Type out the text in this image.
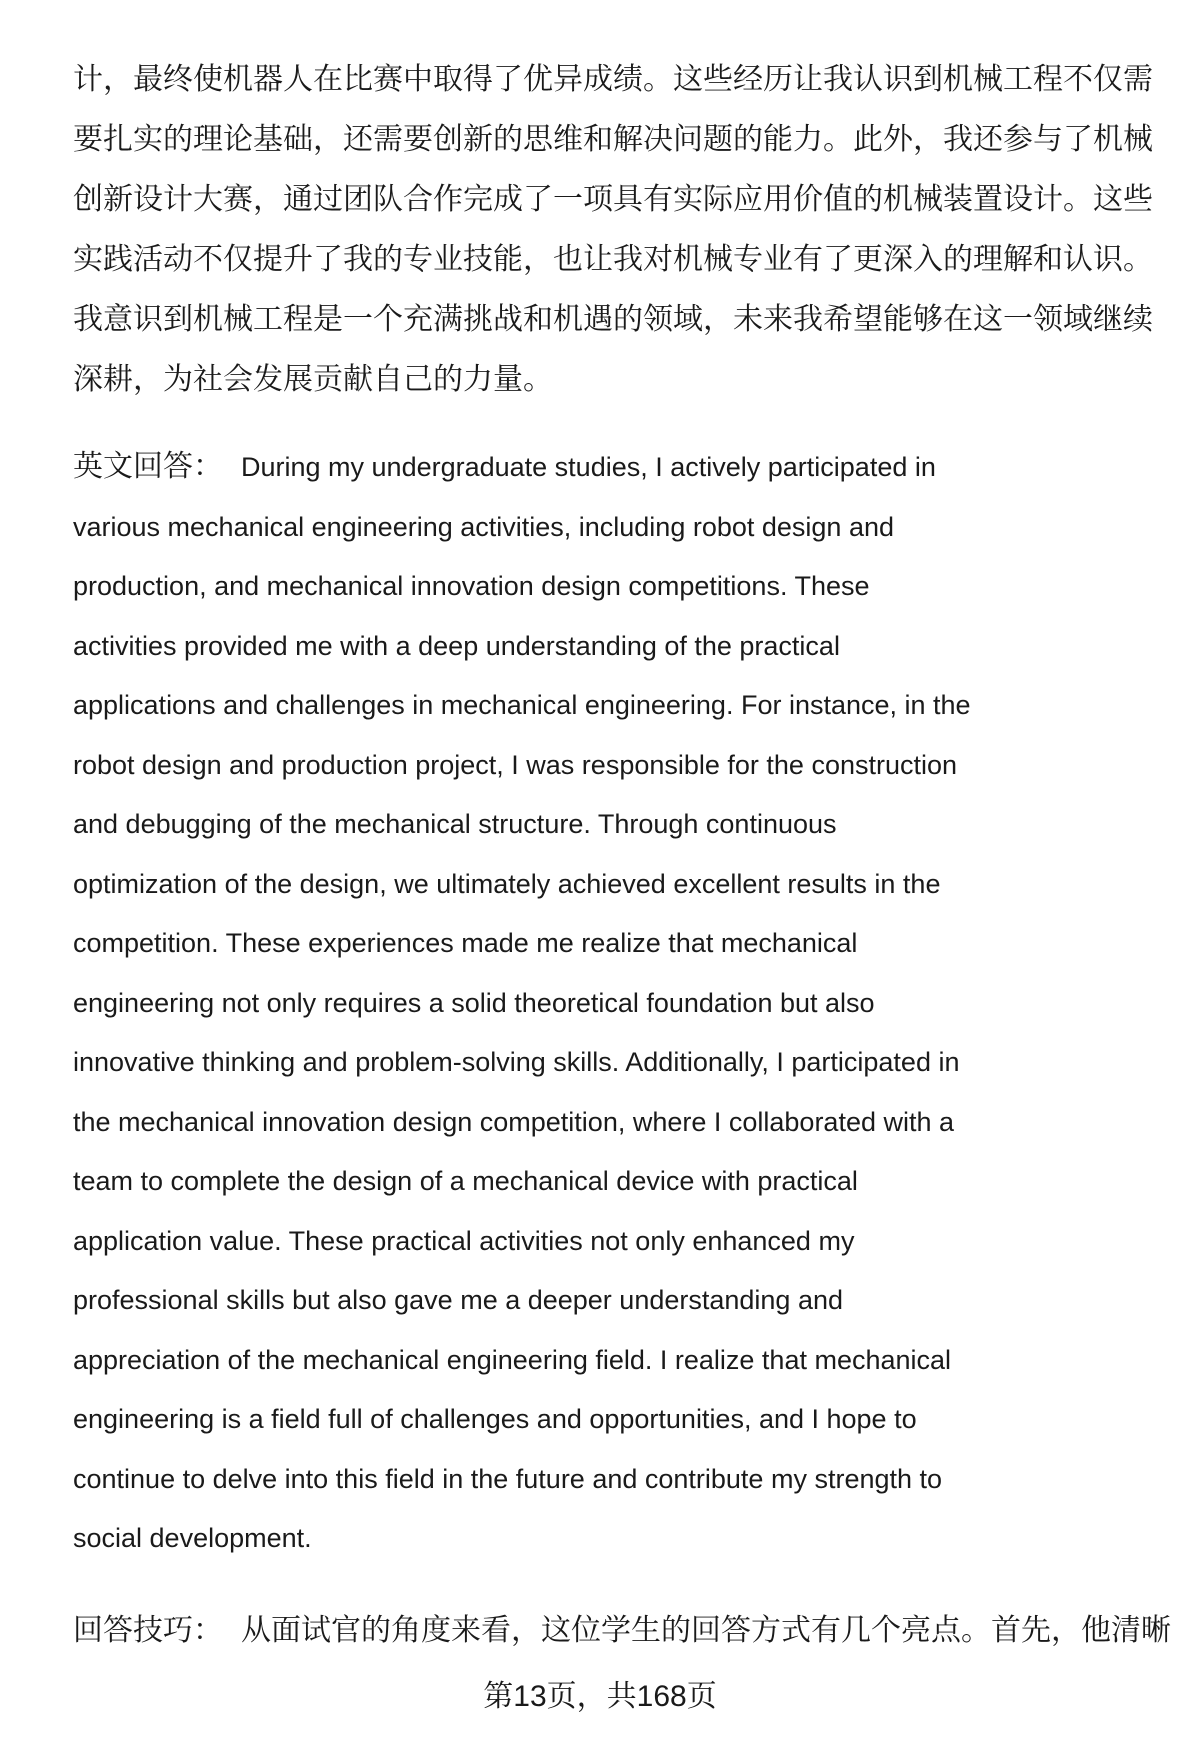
计，最终使机器人在比赛中取得了优异成绩。这些经历让我认识到机械工程不仅需
要扎实的理论基础，还需要创新的思维和解决问题的能力。此外，我还参与了机械
创新设计大赛，通过团队合作完成了一项具有实际应用价值的机械装置设计。这些
实践活动不仅提升了我的专业技能，也让我对机械专业有了更深入的理解和认识。
我意识到机械工程是一个充满挑战和机遇的领域，未来我希望能够在这一领域继续
深耕，为社会发展贡献自己的力量。
英文回答： During my undergraduate studies, I actively participated in
various mechanical engineering activities, including robot design and
production, and mechanical innovation design competitions. These
activities provided me with a deep understanding of the practical
applications and challenges in mechanical engineering. For instance, in the
robot design and production project, I was responsible for the construction
and debugging of the mechanical structure. Through continuous
optimization of the design, we ultimately achieved excellent results in the
competition. These experiences made me realize that mechanical
engineering not only requires a solid theoretical foundation but also
innovative thinking and problem-solving skills. Additionally, I participated in
the mechanical innovation design competition, where I collaborated with a
team to complete the design of a mechanical device with practical
application value. These practical activities not only enhanced my
professional skills but also gave me a deeper understanding and
appreciation of the mechanical engineering field. I realize that mechanical
engineering is a field full of challenges and opportunities, and I hope to
continue to delve into this field in the future and contribute my strength to
social development.
回答技巧： 从面试官的角度来看，这位学生的回答方式有几个亮点。首先，他清晰
第13页，共168页
